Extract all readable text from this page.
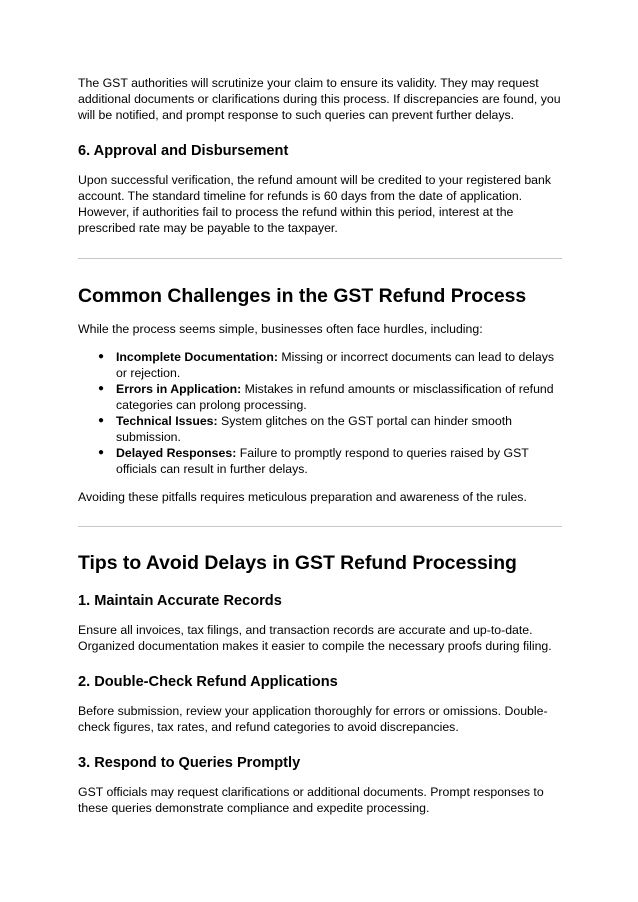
The GST authorities will scrutinize your claim to ensure its validity. They may request additional documents or clarifications during this process. If discrepancies are found, you will be notified, and prompt response to such queries can prevent further delays.

6. Approval and Disbursement

Upon successful verification, the refund amount will be credited to your registered bank account. The standard timeline for refunds is 60 days from the date of application. However, if authorities fail to process the refund within this period, interest at the prescribed rate may be payable to the taxpayer.

Common Challenges in the GST Refund Process

While the process seems simple, businesses often face hurdles, including:

● Incomplete Documentation: Missing or incorrect documents can lead to delays or rejection.
● Errors in Application: Mistakes in refund amounts or misclassification of refund categories can prolong processing.
● Technical Issues: System glitches on the GST portal can hinder smooth submission.
● Delayed Responses: Failure to promptly respond to queries raised by GST officials can result in further delays.

Avoiding these pitfalls requires meticulous preparation and awareness of the rules.

Tips to Avoid Delays in GST Refund Processing
1. Maintain Accurate Records

Ensure all invoices, tax filings, and transaction records are accurate and up-to-date. Organized documentation makes it easier to compile the necessary proofs during filing.

2. Double-Check Refund Applications

Before submission, review your application thoroughly for errors or omissions. Double-check figures, tax rates, and refund categories to avoid discrepancies.

3. Respond to Queries Promptly

GST officials may request clarifications or additional documents. Prompt responses to these queries demonstrate compliance and expedite processing.
